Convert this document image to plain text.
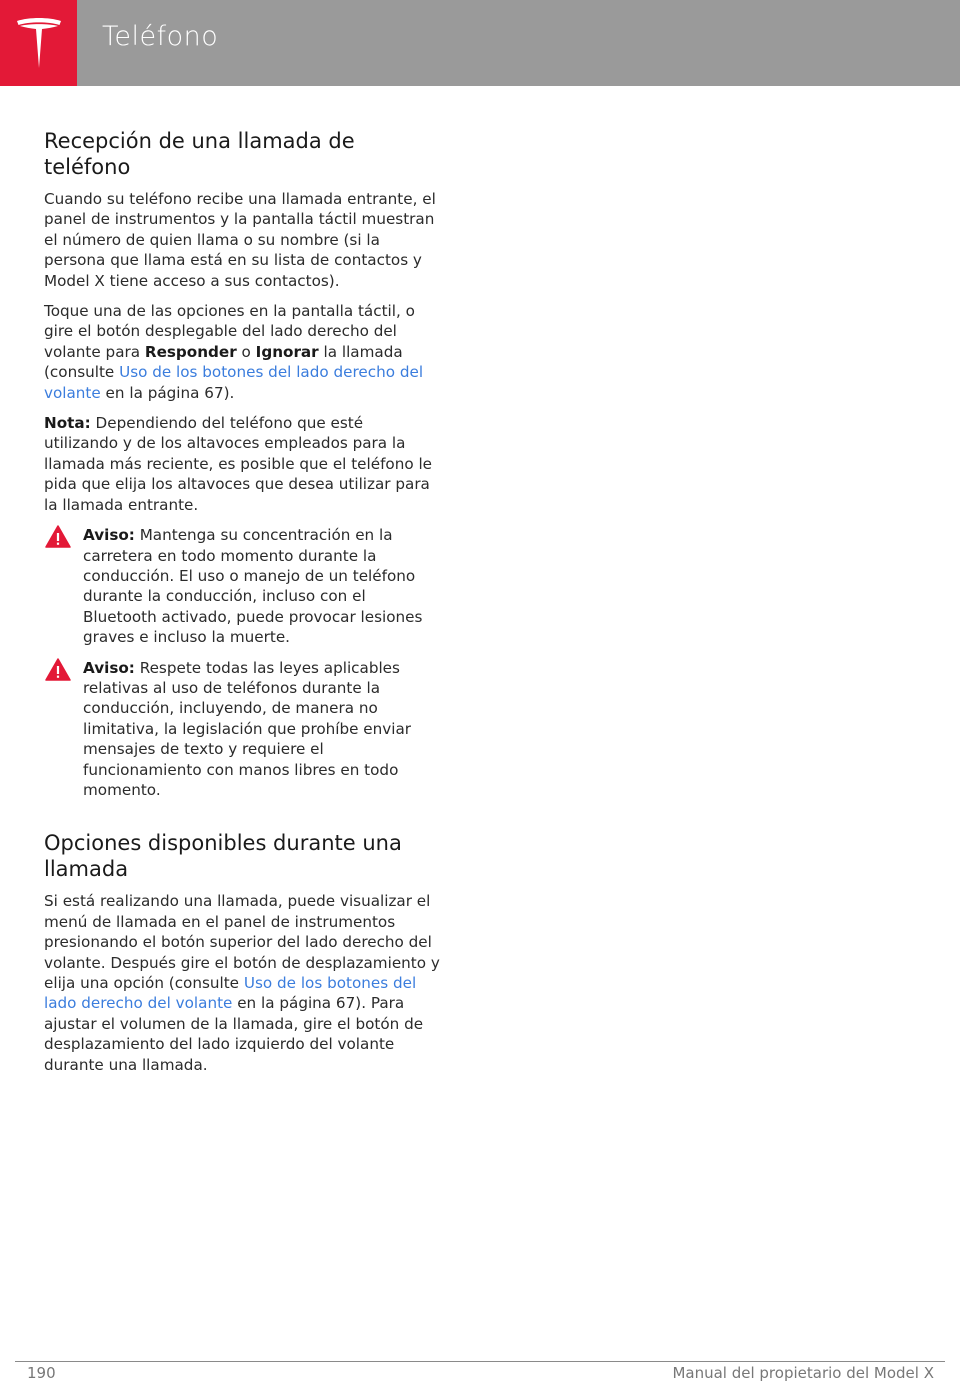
Teléfono
Recepción de una llamada de teléfono

Cuando su teléfono recibe una llamada entrante, el panel de instrumentos y la pantalla táctil muestran el número de quien llama o su nombre (si la persona que llama está en su lista de contactos y Model X tiene acceso a sus contactos).

Toque una de las opciones en la pantalla táctil, o gire el botón desplegable del lado derecho del volante para Responder o Ignorar la llamada (consulte Uso de los botones del lado derecho del volante en la página 67).

Nota: Dependiendo del teléfono que esté utilizando y de los altavoces empleados para la llamada más reciente, es posible que el teléfono le pida que elija los altavoces que desea utilizar para la llamada entrante.

Aviso: Mantenga su concentración en la carretera en todo momento durante la conducción. El uso o manejo de un teléfono durante la conducción, incluso con el Bluetooth activado, puede provocar lesiones graves e incluso la muerte.

Aviso: Respete todas las leyes aplicables relativas al uso de teléfonos durante la conducción, incluyendo, de manera no limitativa, la legislación que prohíbe enviar mensajes de texto y requiere el funcionamiento con manos libres en todo momento.

Opciones disponibles durante una llamada

Si está realizando una llamada, puede visualizar el menú de llamada en el panel de instrumentos presionando el botón superior del lado derecho del volante. Después gire el botón de desplazamiento y elija una opción (consulte Uso de los botones del lado derecho del volante en la página 67). Para ajustar el volumen de la llamada, gire el botón de desplazamiento del lado izquierdo del volante durante una llamada.

190	Manual del propietario del Model X
